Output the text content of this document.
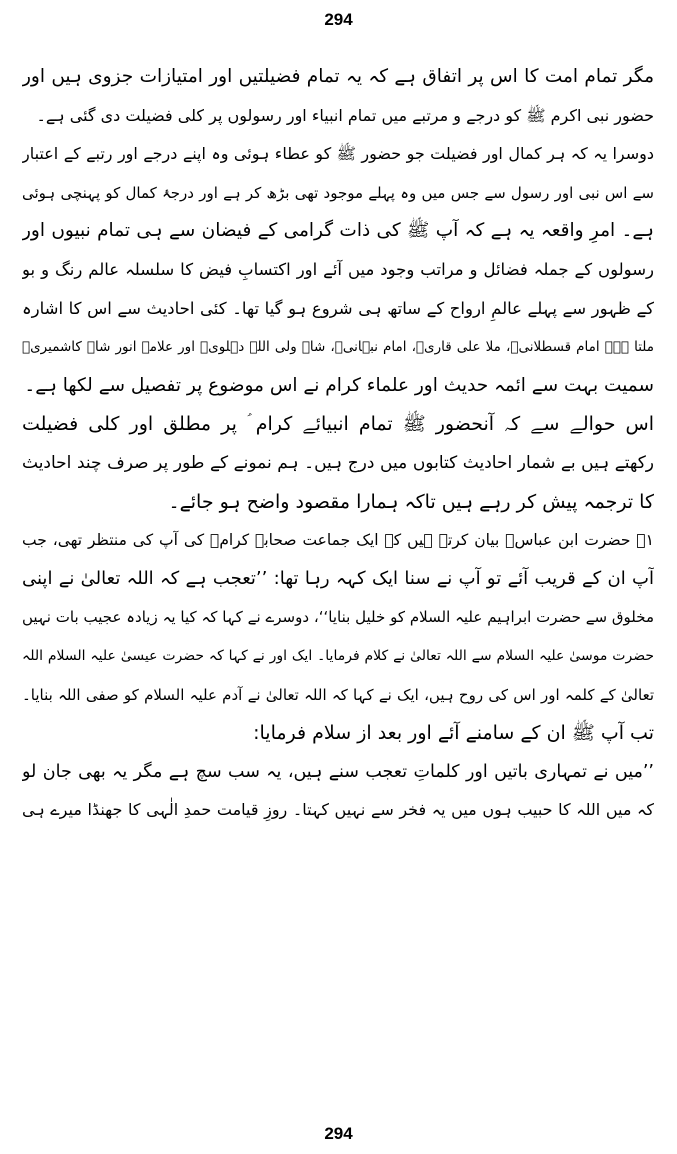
294
مگر تمام امت کا اس پر اتفاق ہے کہ یہ تمام فضیلتیں اور امتیازات جزوی ہیں اور
حضور نبی اکرم ﷺ کو درجے و مرتبے میں تمام انبیاء اور رسولوں پر کلی فضیلت دی گئی ہے۔
دوسرا یہ کہ ہر کمال اور فضیلت جو حضور ﷺ کو عطاء ہوئی وہ اپنے درجے اور رتبے کے اعتبار
سے اس نبی اور رسول سے جس میں وہ پہلے موجود تھی بڑھ کر ہے اور درجۂ کمال کو پہنچی ہوئی
ہے۔ امرِ واقعہ یہ ہے کہ آپ ﷺ کی ذات گرامی کے فیضان سے ہی تمام نبیوں اور
رسولوں کے جملہ فضائل و مراتب وجود میں آئے اور اکتسابِ فیض کا سلسلہ عالم رنگ و بو
کے ظہور سے پہلے عالمِ ارواح کے ساتھ ہی شروع ہو گیا تھا۔ کئی احادیث سے اس کا اشارہ
ملتا ہے۔ امام قسطلانیؒ، ملا علی قاریؒ، امام نبہانیؒ، شاہ ولی اللہ دہلویؒ اور علامہ انور شاہ کاشمیریؒ
سمیت بہت سے ائمہ حدیث اور علماء کرام نے اس موضوع پر تفصیل سے لکھا ہے۔
اس حوالے سے کہ آنحضور ﷺ تمام انبیائے کرام ؑ پر مطلق اور کلی فضیلت
رکھتے ہیں بے شمار احادیث کتابوں میں درج ہیں۔ ہم نمونے کے طور پر صرف چند احادیث
کا ترجمہ پیش کر رہے ہیں تاکہ ہمارا مقصود واضح ہو جائے۔
۱۔ حضرت ابن عباسؓ بیان کرتے ہیں کہ ایک جماعت صحابہ کرامؓ کی آپ کی منتظر تھی، جب
آپ ان کے قریب آئے تو آپ نے سنا ایک کہہ رہا تھا: ’’تعجب ہے کہ اللہ تعالیٰ نے اپنی
مخلوق سے حضرت ابراہیم علیہ السلام کو خلیل بنایا‘‘، دوسرے نے کہا کہ کیا یہ زیادہ عجیب بات نہیں
حضرت موسیٰ علیہ السلام سے اللہ تعالیٰ نے کلام فرمایا۔ ایک اور نے کہا کہ حضرت عیسیٰ علیہ السلام اللہ
تعالیٰ کے کلمہ اور اس کی روح ہیں، ایک نے کہا کہ اللہ تعالیٰ نے آدم علیہ السلام کو صفی اللہ بنایا۔
تب آپ ﷺ ان کے سامنے آئے اور بعد از سلام فرمایا:
’’میں نے تمہاری باتیں اور کلماتِ تعجب سنے ہیں، یہ سب سچ ہے مگر یہ بھی جان لو
کہ میں اللہ کا حبیب ہوں میں یہ فخر سے نہیں کہتا۔ روزِ قیامت حمدِ الٰہی کا جھنڈا میرے ہی
294
